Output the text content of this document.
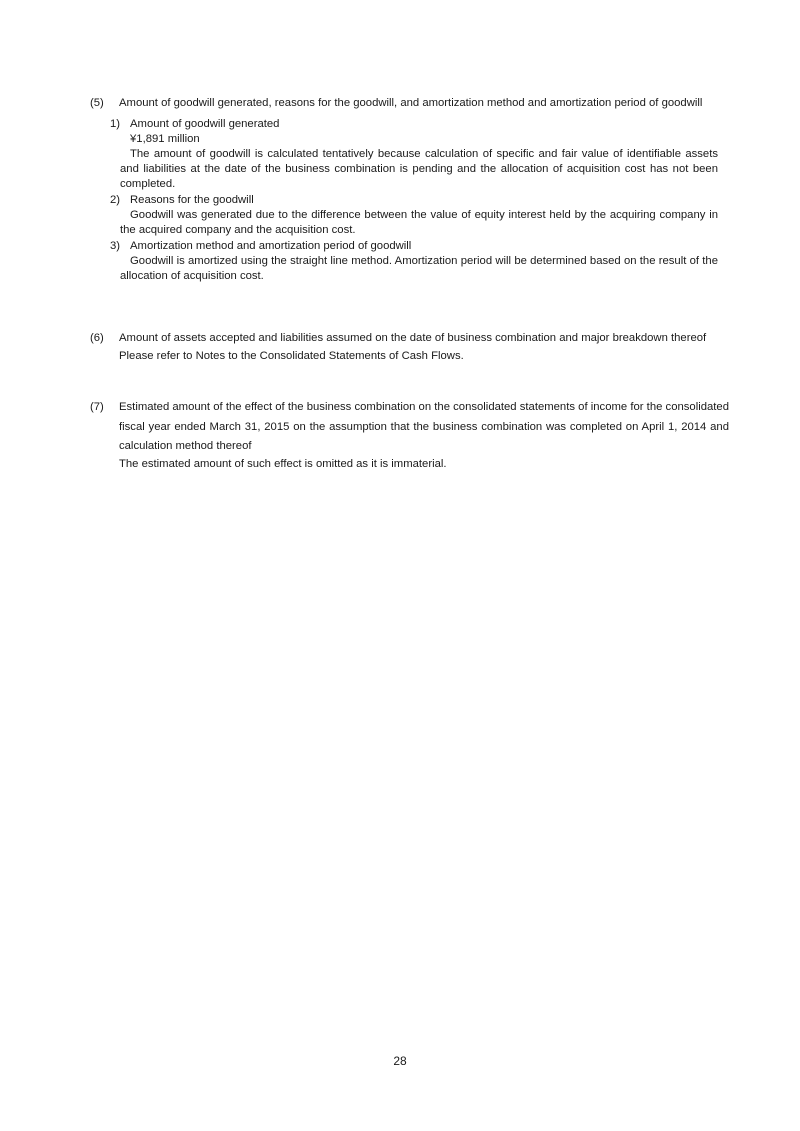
(5) Amount of goodwill generated, reasons for the goodwill, and amortization method and amortization period of goodwill
1) Amount of goodwill generated
¥1,891 million
The amount of goodwill is calculated tentatively because calculation of specific and fair value of identifiable assets and liabilities at the date of the business combination is pending and the allocation of acquisition cost has not been completed.
2) Reasons for the goodwill
Goodwill was generated due to the difference between the value of equity interest held by the acquiring company in the acquired company and the acquisition cost.
3) Amortization method and amortization period of goodwill
Goodwill is amortized using the straight line method. Amortization period will be determined based on the result of the allocation of acquisition cost.
(6) Amount of assets accepted and liabilities assumed on the date of business combination and major breakdown thereof
Please refer to Notes to the Consolidated Statements of Cash Flows.
(7) Estimated amount of the effect of the business combination on the consolidated statements of income for the consolidated fiscal year ended March 31, 2015 on the assumption that the business combination was completed on April 1, 2014 and calculation method thereof
The estimated amount of such effect is omitted as it is immaterial.
28
